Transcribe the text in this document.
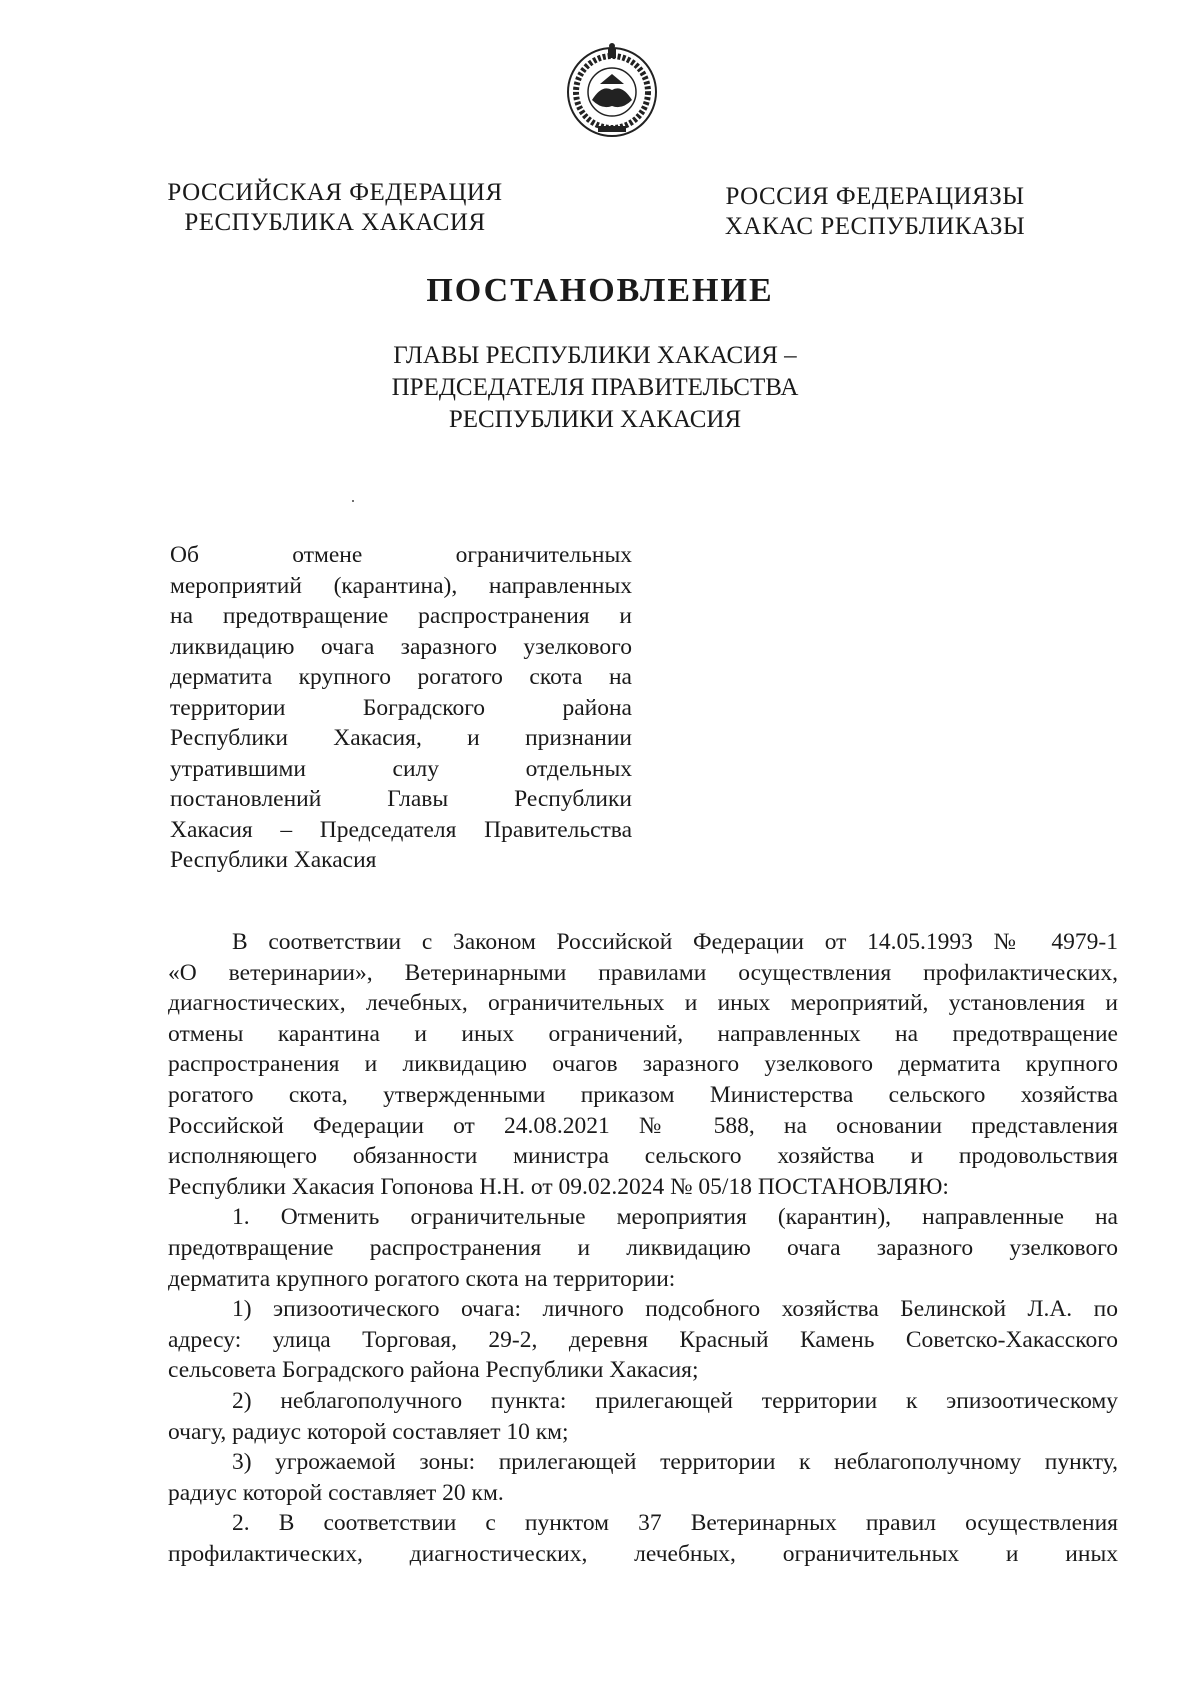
РОССИЙСКАЯ ФЕДЕРАЦИЯ
РЕСПУБЛИКА ХАКАСИЯ
РОССИЯ ФЕДЕРАЦИЯЗЫ
ХАКАС РЕСПУБЛИКАЗЫ
ПОСТАНОВЛЕНИЕ
ГЛАВЫ РЕСПУБЛИКИ ХАКАСИЯ –
ПРЕДСЕДАТЕЛЯ ПРАВИТЕЛЬСТВА
РЕСПУБЛИКИ ХАКАСИЯ
Об отмене ограничительных
мероприятий (карантина), направленных
на предотвращение распространения и
ликвидацию очага заразного узелкового
дерматита крупного рогатого скота на
территории Боградского района
Республики Хакасия, и признании
утратившими силу отдельных
постановлений Главы Республики
Хакасия – Председателя Правительства
Республики Хакасия
В соответствии с Законом Российской Федерации от 14.05.1993 № 4979-1
«О ветеринарии», Ветеринарными правилами осуществления профилактических,
диагностических, лечебных, ограничительных и иных мероприятий, установления и
отмены карантина и иных ограничений, направленных на предотвращение
распространения и ликвидацию очагов заразного узелкового дерматита крупного
рогатого скота, утвержденными приказом Министерства сельского хозяйства
Российской Федерации от 24.08.2021 № 588, на основании представления
исполняющего обязанности министра сельского хозяйства и продовольствия
Республики Хакасия Гопонова Н.Н. от 09.02.2024 № 05/18 ПОСТАНОВЛЯЮ:
1. Отменить ограничительные мероприятия (карантин), направленные на
предотвращение распространения и ликвидацию очага заразного узелкового
дерматита крупного рогатого скота на территории:
1) эпизоотического очага: личного подсобного хозяйства Белинской Л.А. по
адресу: улица Торговая, 29-2, деревня Красный Камень Советско-Хакасского
сельсовета Боградского района Республики Хакасия;
2) неблагополучного пункта: прилегающей территории к эпизоотическому
очагу, радиус которой составляет 10 км;
3) угрожаемой зоны: прилегающей территории к неблагополучному пункту,
радиус которой составляет 20 км.
2. В соответствии с пунктом 37 Ветеринарных правил осуществления
профилактических, диагностических, лечебных, ограничительных и иных
